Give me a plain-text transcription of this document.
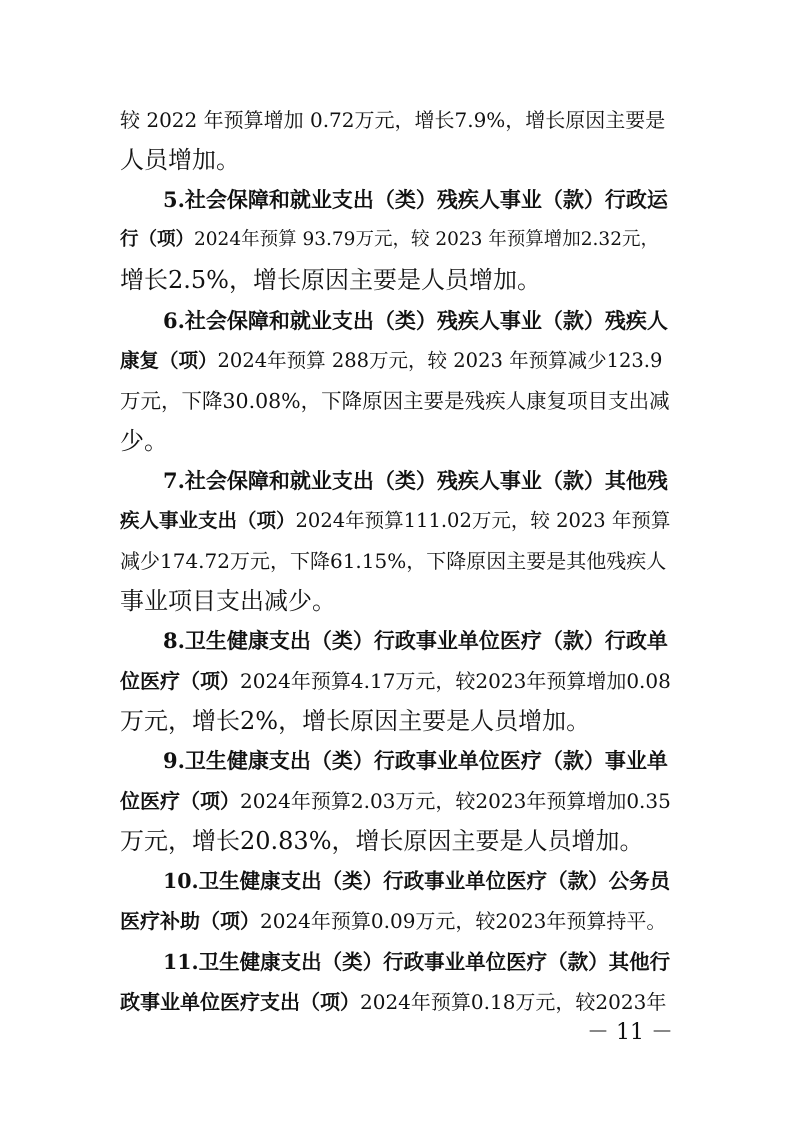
较 2022 年预算增加 0.72万元，增长7.9%，增长原因主要是
人员增加。
5.社会保障和就业支出（类）残疾人事业（款）行政运
行（项） 2024年预算 93.79万元，较 2023 年预算增加2.32元，
增长2.5%，增长原因主要是人员增加。
6.社会保障和就业支出（类）残疾人事业（款）残疾人
康复（项） 2024年预算 288万元，较 2023 年预算减少123.9
万元，下降30.08%，下降原因主要是残疾人康复项目支出减
少。
7.社会保障和就业支出（类）残疾人事业（款）其他残
疾人事业支出（项） 2024年预算111.02万元，较 2023 年预算
减少174.72万元，下降61.15%，下降原因主要是其他残疾人
事业项目支出减少。
8.卫生健康支出（类）行政事业单位医疗（款）行政单
位医疗（项） 2024年预算4.17万元，较2023年预算增加0.08
万元，增长2%，增长原因主要是人员增加。
9.卫生健康支出（类）行政事业单位医疗（款）事业单
位医疗（项） 2024年预算2.03万元，较2023年预算增加0.35
万元，增长20.83%，增长原因主要是人员增加。
10.卫生健康支出（类）行政事业单位医疗（款）公务员
医疗补助（项） 2024年预算0.09万元，较2023年预算持平。
11.卫生健康支出（类）行政事业单位医疗（款）其他行
政事业单位医疗支出（项） 2024年预算0.18万元，较2023年
－ 11 －
